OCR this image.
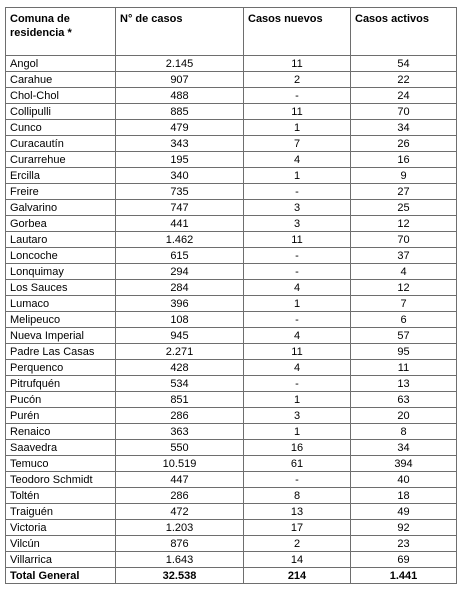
Comuna de residencia *	N° de casos	Casos nuevos	Casos activos
Angol	2.145	11	54
Carahue	907	2	22
Chol-Chol	488	-	24
Collipulli	885	11	70
Cunco	479	1	34
Curacautín	343	7	26
Curarrehue	195	4	16
Ercilla	340	1	9
Freire	735	-	27
Galvarino	747	3	25
Gorbea	441	3	12
Lautaro	1.462	11	70
Loncoche	615	-	37
Lonquimay	294	-	4
Los Sauces	284	4	12
Lumaco	396	1	7
Melipeuco	108	-	6
Nueva Imperial	945	4	57
Padre Las Casas	2.271	11	95
Perquenco	428	4	11
Pitrufquén	534	-	13
Pucón	851	1	63
Purén	286	3	20
Renaico	363	1	8
Saavedra	550	16	34
Temuco	10.519	61	394
Teodoro Schmidt	447	-	40
Toltén	286	8	18
Traiguén	472	13	49
Victoria	1.203	17	92
Vilcún	876	2	23
Villarrica	1.643	14	69
Total General	32.538	214	1.441
